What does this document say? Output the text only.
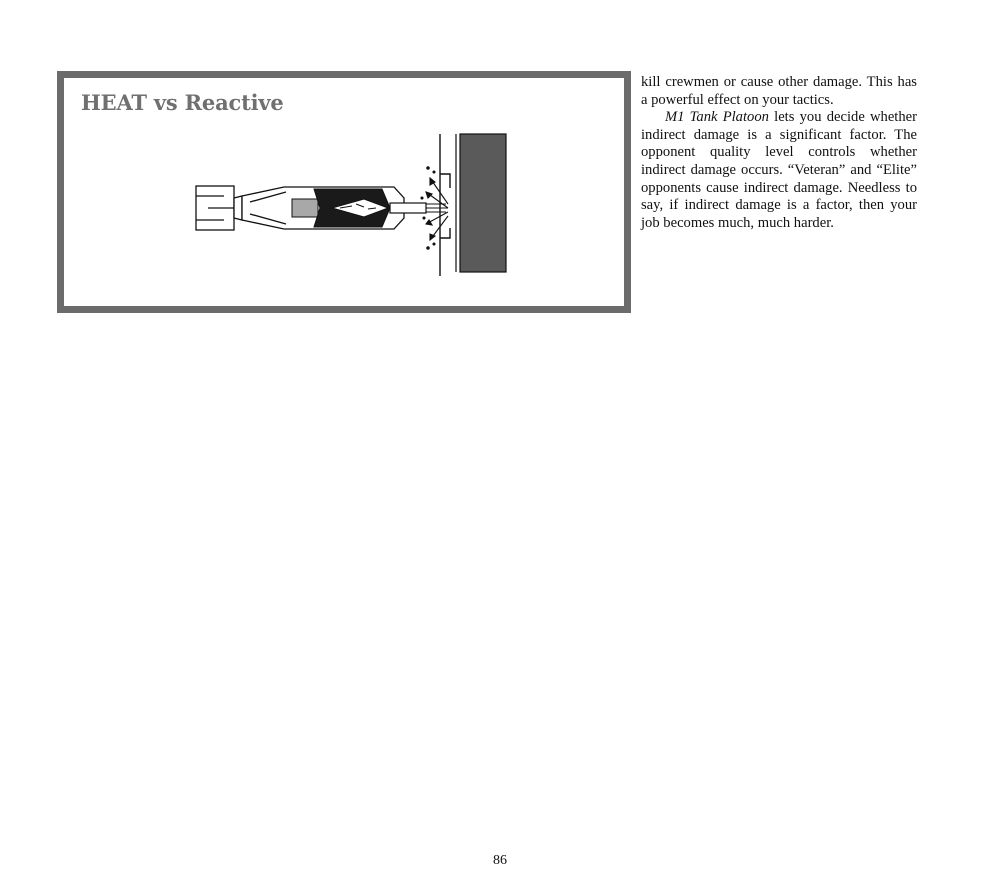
HEAT vs Reactive

kill crewmen or cause other damage. This has a powerful effect on your tactics.

M1 Tank Platoon lets you decide whether indirect damage is a significant factor. The opponent quality level controls whether indirect damage occurs. “Veteran” and “Elite” opponents cause indirect damage. Needless to say, if indirect damage is a factor, then your job becomes much, much harder.

86
